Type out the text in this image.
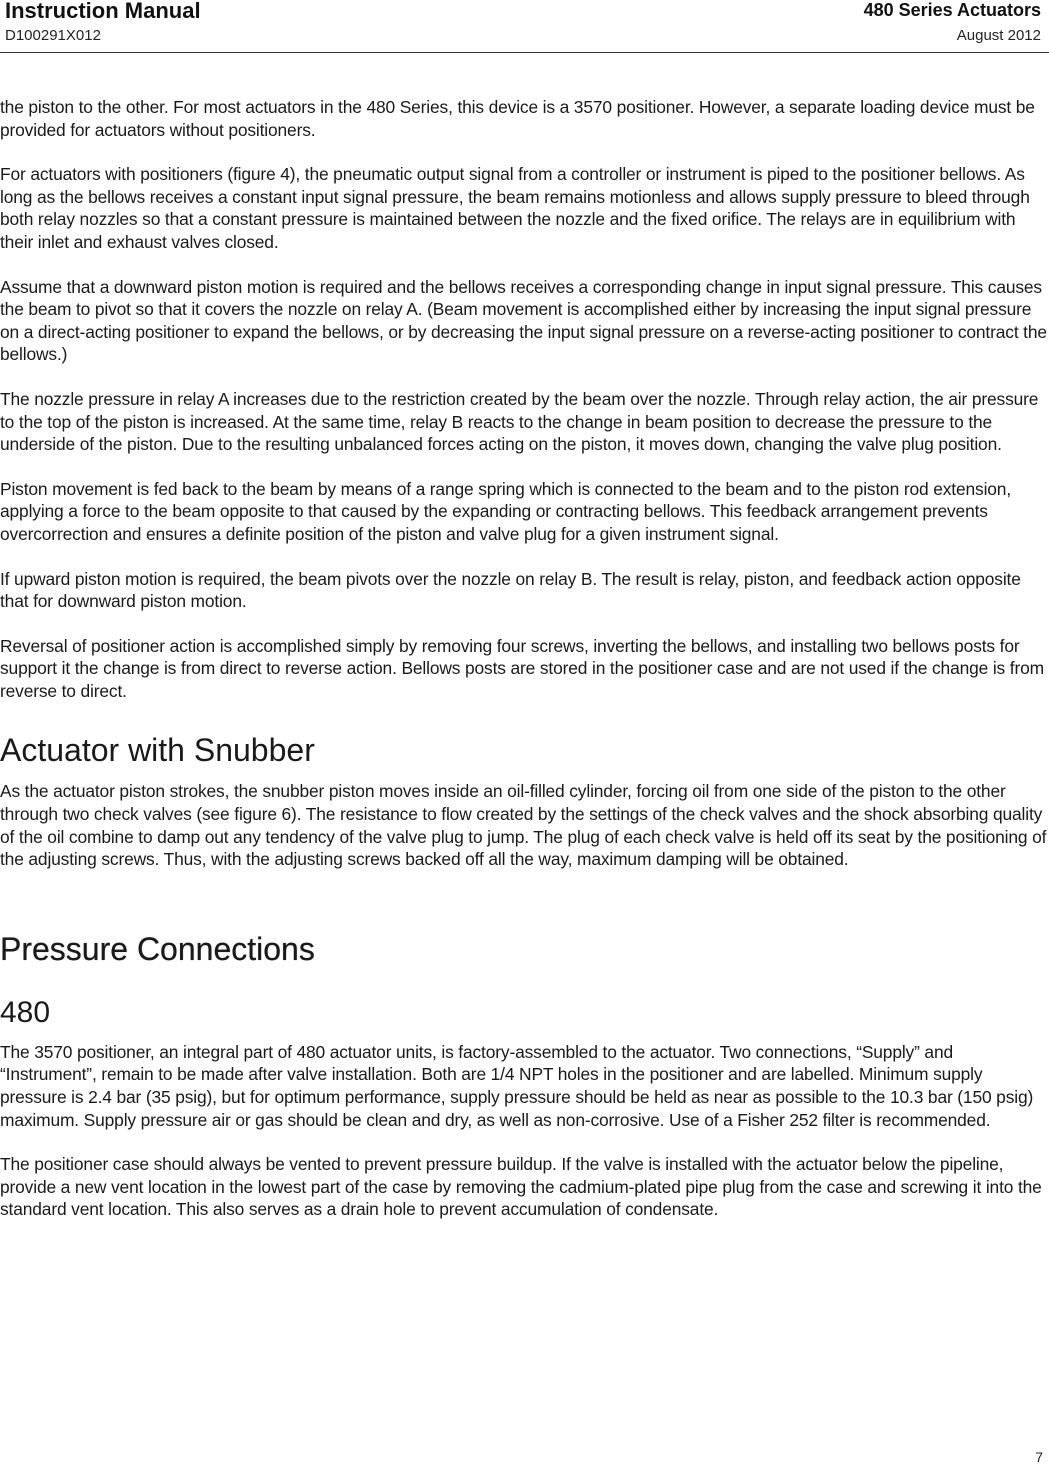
Instruction Manual
D100291X012
480 Series Actuators
August 2012

the piston to the other. For most actuators in the 480 Series, this device is a 3570 positioner. However, a separate loading device must be provided for actuators without positioners.

For actuators with positioners (figure 4), the pneumatic output signal from a controller or instrument is piped to the positioner bellows. As long as the bellows receives a constant input signal pressure, the beam remains motionless and allows supply pressure to bleed through both relay nozzles so that a constant pressure is maintained between the nozzle and the fixed orifice. The relays are in equilibrium with their inlet and exhaust valves closed.

Assume that a downward piston motion is required and the bellows receives a corresponding change in input signal pressure. This causes the beam to pivot so that it covers the nozzle on relay A. (Beam movement is accomplished either by increasing the input signal pressure on a direct-acting positioner to expand the bellows, or by decreasing the input signal pressure on a reverse-acting positioner to contract the bellows.)

The nozzle pressure in relay A increases due to the restriction created by the beam over the nozzle. Through relay action, the air pressure to the top of the piston is increased. At the same time, relay B reacts to the change in beam position to decrease the pressure to the underside of the piston. Due to the resulting unbalanced forces acting on the piston, it moves down, changing the valve plug position.

Piston movement is fed back to the beam by means of a range spring which is connected to the beam and to the piston rod extension, applying a force to the beam opposite to that caused by the expanding or contracting bellows. This feedback arrangement prevents overcorrection and ensures a definite position of the piston and valve plug for a given instrument signal.

If upward piston motion is required, the beam pivots over the nozzle on relay B. The result is relay, piston, and feedback action opposite that for downward piston motion.

Reversal of positioner action is accomplished simply by removing four screws, inverting the bellows, and installing two bellows posts for support it the change is from direct to reverse action. Bellows posts are stored in the positioner case and are not used if the change is from reverse to direct.

Actuator with Snubber

As the actuator piston strokes, the snubber piston moves inside an oil-filled cylinder, forcing oil from one side of the piston to the other through two check valves (see figure 6). The resistance to flow created by the settings of the check valves and the shock absorbing quality of the oil combine to damp out any tendency of the valve plug to jump. The plug of each check valve is held off its seat by the positioning of the adjusting screws. Thus, with the adjusting screws backed off all the way, maximum damping will be obtained.

Pressure Connections
480

The 3570 positioner, an integral part of 480 actuator units, is factory-assembled to the actuator. Two connections, “Supply” and “Instrument”, remain to be made after valve installation. Both are 1/4 NPT holes in the positioner and are labelled. Minimum supply pressure is 2.4 bar (35 psig), but for optimum performance, supply pressure should be held as near as possible to the 10.3 bar (150 psig) maximum. Supply pressure air or gas should be clean and dry, as well as non-corrosive. Use of a Fisher 252 filter is recommended.

The positioner case should always be vented to prevent pressure buildup. If the valve is installed with the actuator below the pipeline, provide a new vent location in the lowest part of the case by removing the cadmium-plated pipe plug from the case and screwing it into the standard vent location. This also serves as a drain hole to prevent accumulation of condensate.

7
